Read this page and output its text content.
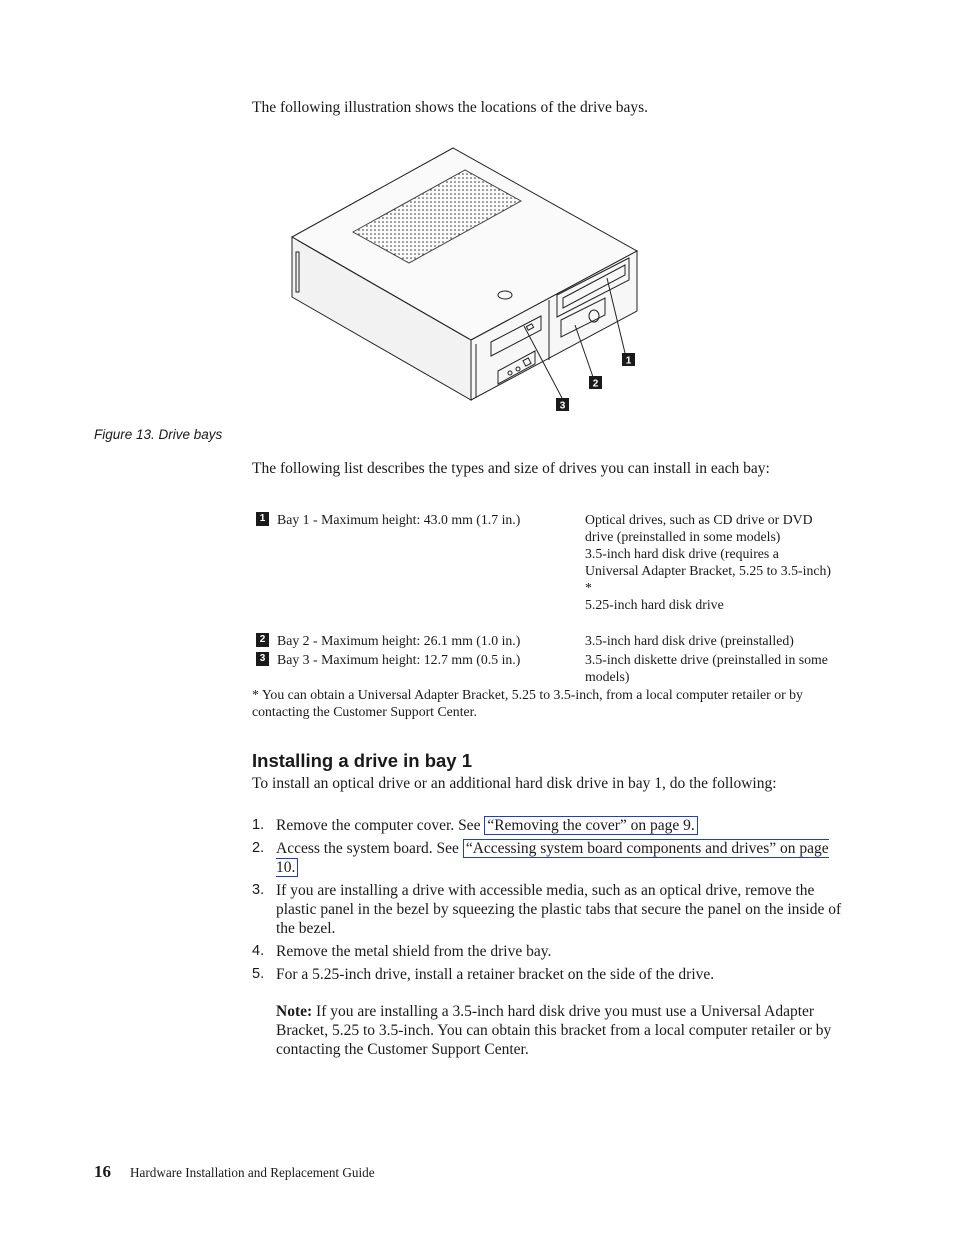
The following illustration shows the locations of the drive bays.
1
2
3
Figure 13. Drive bays
The following list describes the types and size of drives you can install in each bay:
1 Bay 1 - Maximum height: 43.0 mm (1.7 in.)	Optical drives, such as CD drive or DVD drive (preinstalled in some models)
3.5-inch hard disk drive (requires a Universal Adapter Bracket, 5.25 to 3.5-inch) *
5.25-inch hard disk drive
2 Bay 2 - Maximum height: 26.1 mm (1.0 in.)	3.5-inch hard disk drive (preinstalled)
3 Bay 3 - Maximum height: 12.7 mm (0.5 in.)	3.5-inch diskette drive (preinstalled in some models)
* You can obtain a Universal Adapter Bracket, 5.25 to 3.5-inch, from a local computer retailer or by contacting the Customer Support Center.
Installing a drive in bay 1
To install an optical drive or an additional hard disk drive in bay 1, do the following:
1. Remove the computer cover. See “Removing the cover” on page 9.
2. Access the system board. See “Accessing system board components and drives” on page 10.
3. If you are installing a drive with accessible media, such as an optical drive, remove the plastic panel in the bezel by squeezing the plastic tabs that secure the panel on the inside of the bezel.
4. Remove the metal shield from the drive bay.
5. For a 5.25-inch drive, install a retainer bracket on the side of the drive.
Note: If you are installing a 3.5-inch hard disk drive you must use a Universal Adapter Bracket, 5.25 to 3.5-inch. You can obtain this bracket from a local computer retailer or by contacting the Customer Support Center.
16 Hardware Installation and Replacement Guide
